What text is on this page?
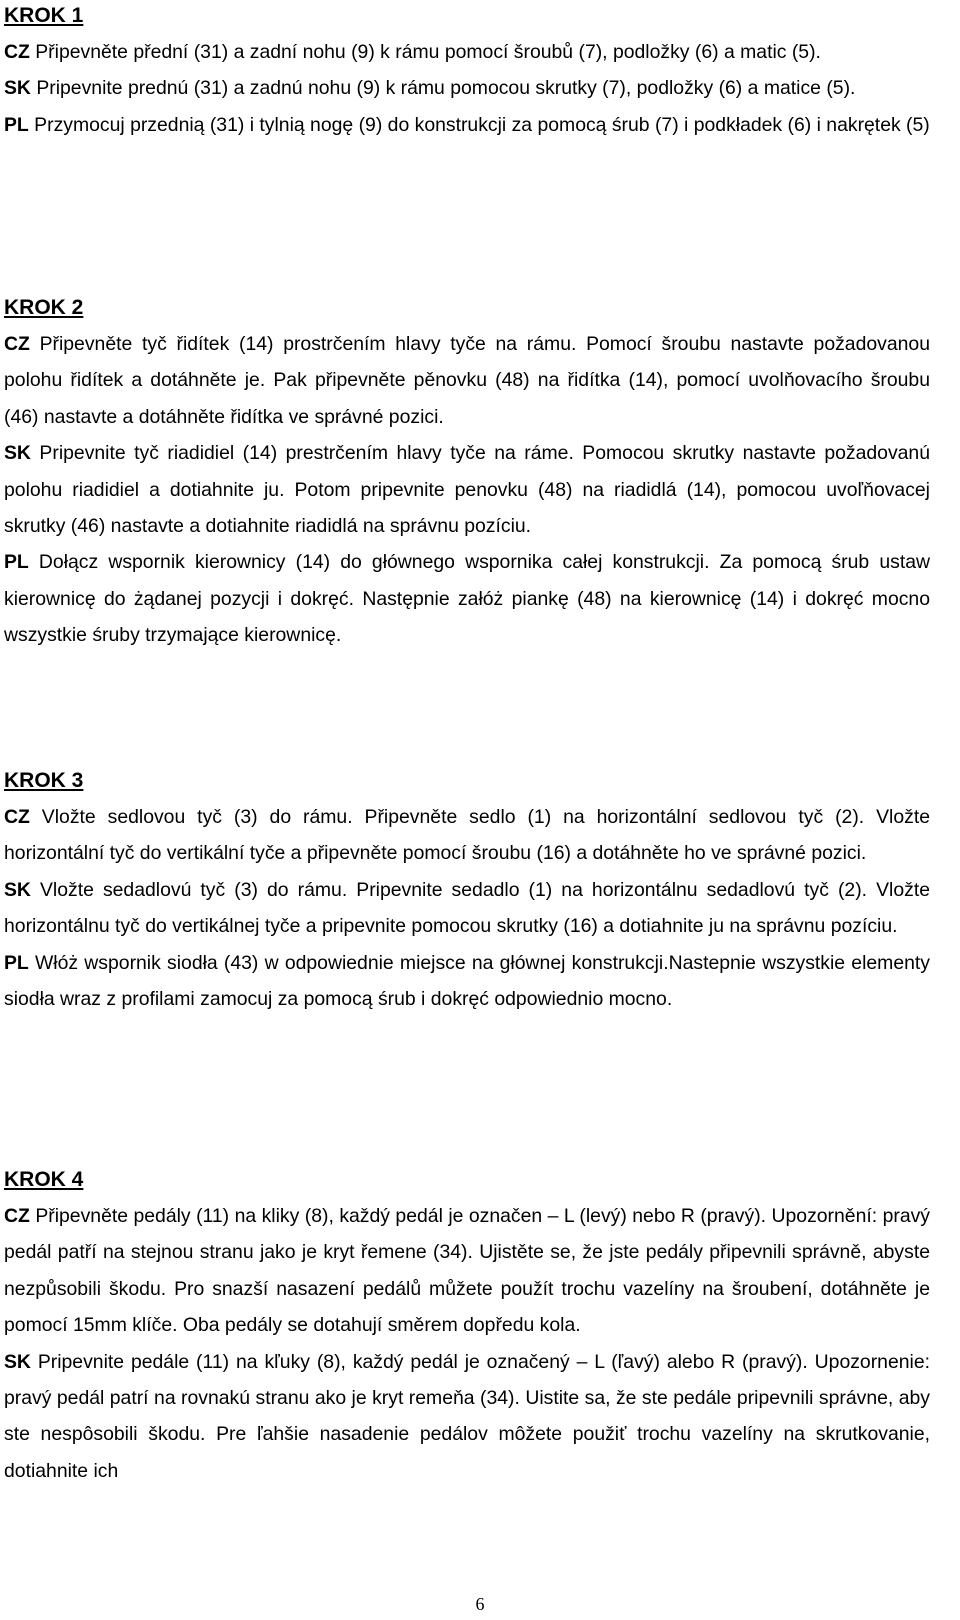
KROK 1

CZ Připevněte přední (31) a zadní nohu (9) k rámu pomocí šroubů (7), podložky (6) a matic (5).

SK Pripevnite prednú (31) a zadnú nohu (9) k rámu pomocou skrutky (7), podložky (6) a matice (5).

PL Przymocuj przednią (31) i tylnią nogę (9) do konstrukcji za pomocą śrub (7) i podkładek (6) i nakrętek (5)

KROK 2

CZ Připevněte tyč řidítek (14) prostrčením hlavy tyče na rámu. Pomocí šroubu nastavte požadovanou polohu řidítek a dotáhněte je. Pak připevněte pěnovku (48) na řidítka (14), pomocí uvolňovacího šroubu (46) nastavte a dotáhněte řidítka ve správné pozici.

SK Pripevnite tyč riadidiel (14) prestrčením hlavy tyče na ráme. Pomocou skrutky nastavte požadovanú polohu riadidiel a dotiahnite ju. Potom pripevnite penovku (48) na riadidlá (14), pomocou uvoľňovacej skrutky (46) nastavte a dotiahnite riadidlá na správnu pozíciu.

PL Dołącz wspornik kierownicy (14) do głównego wspornika całej konstrukcji. Za pomocą śrub ustaw kierownicę do żądanej pozycji i dokręć. Następnie załóż piankę (48) na kierownicę (14) i dokręć mocno wszystkie śruby trzymające kierownicę.

KROK 3

CZ Vložte sedlovou tyč (3) do rámu. Připevněte sedlo (1) na horizontální sedlovou tyč (2). Vložte horizontální tyč do vertikální tyče a připevněte pomocí šroubu (16) a dotáhněte ho ve správné pozici.

SK Vložte sedadlovú tyč (3) do rámu. Pripevnite sedadlo (1) na horizontálnu sedadlovú tyč (2). Vložte horizontálnu tyč do vertikálnej tyče a pripevnite pomocou skrutky (16) a dotiahnite ju na správnu pozíciu.

PL Włóż wspornik siodła (43) w odpowiednie miejsce na głównej konstrukcji.Nastepnie wszystkie elementy siodła wraz z profilami zamocuj za pomocą śrub i dokręć odpowiednio mocno.

KROK 4

CZ Připevněte pedály (11) na kliky (8), každý pedál je označen – L (levý) nebo R (pravý). Upozornění: pravý pedál patří na stejnou stranu jako je kryt řemene (34). Ujistěte se, že jste pedály připevnili správně, abyste nezpůsobili škodu. Pro snazší nasazení pedálů můžete použít trochu vazelíny na šroubení, dotáhněte je pomocí 15mm klíče. Oba pedály se dotahují směrem dopředu kola.

SK Pripevnite pedále (11) na kľuky (8), každý pedál je označený – L (ľavý) alebo R (pravý). Upozornenie: pravý pedál patrí na rovnakú stranu ako je kryt remeňa (34). Uistite sa, že ste pedále pripevnili správne, aby ste nespôsobili škodu. Pre ľahšie nasadenie pedálov môžete použiť trochu vazelíny na skrutkovanie, dotiahnite ich

6
